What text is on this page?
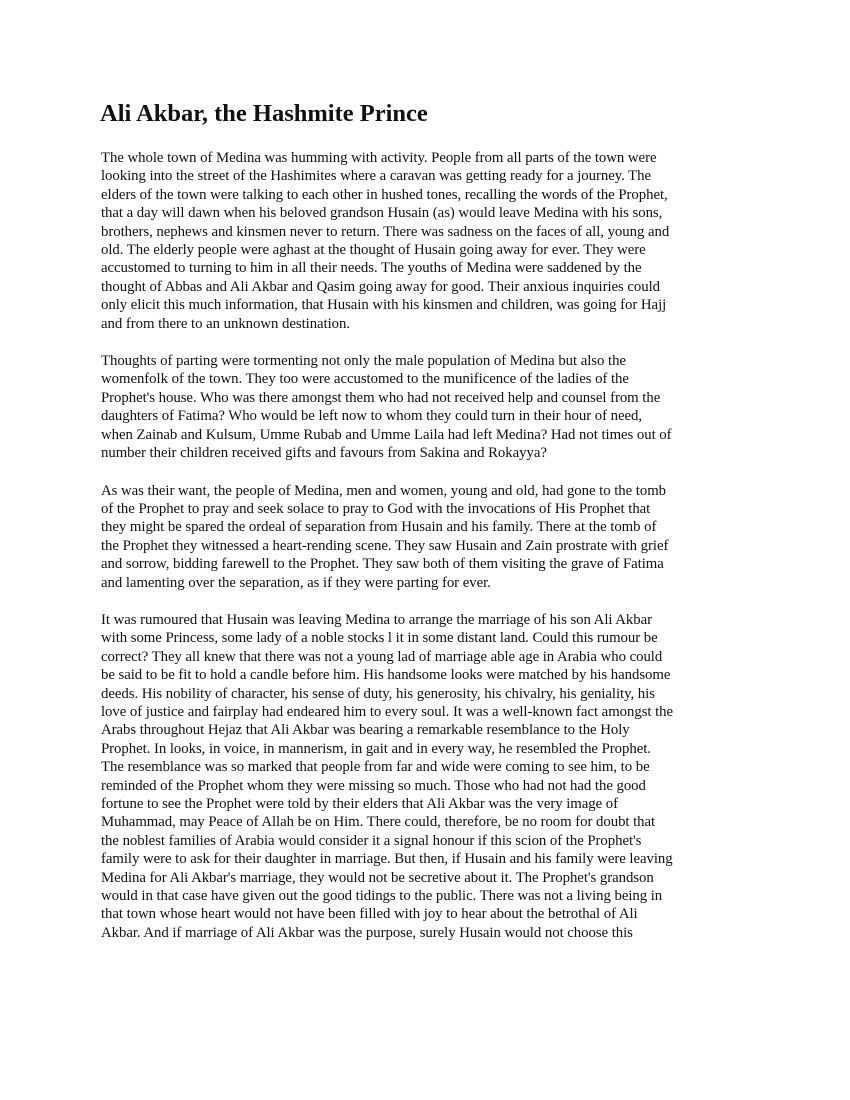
Ali Akbar, the Hashmite Prince
The whole town of Medina was humming with activity. People from all parts of the town were
looking into the street of the Hashimites where a caravan was getting ready for a journey. The
elders of the town were talking to each other in hushed tones, recalling the words of the Prophet,
that a day will dawn when his beloved grandson Husain (as) would leave Medina with his sons,
brothers, nephews and kinsmen never to return. There was sadness on the faces of all, young and
old. The elderly people were aghast at the thought of Husain going away for ever. They were
accustomed to turning to him in all their needs. The youths of Medina were saddened by the
thought of Abbas and Ali Akbar and Qasim going away for good. Their anxious inquiries could
only elicit this much information, that Husain with his kinsmen and children, was going for Hajj
and from there to an unknown destination.
Thoughts of parting were tormenting not only the male population of Medina but also the
womenfolk of the town. They too were accustomed to the munificence of the ladies of the
Prophet's house. Who was there amongst them who had not received help and counsel from the
daughters of Fatima? Who would be left now to whom they could turn in their hour of need,
when Zainab and Kulsum, Umme Rubab and Umme Laila had left Medina? Had not times out of
number their children received gifts and favours from Sakina and Rokayya?
As was their want, the people of Medina, men and women, young and old, had gone to the tomb
of the Prophet to pray and seek solace to pray to God with the invocations of His Prophet that
they might be spared the ordeal of separation from Husain and his family. There at the tomb of
the Prophet they witnessed a heart-rending scene. They saw Husain and Zain prostrate with grief
and sorrow, bidding farewell to the Prophet. They saw both of them visiting the grave of Fatima
and lamenting over the separation, as if they were parting for ever.
It was rumoured that Husain was leaving Medina to arrange the marriage of his son Ali Akbar
with some Princess, some lady of a noble stocks l it in some distant land. Could this rumour be
correct? They all knew that there was not a young lad of marriage able age in Arabia who could
be said to be fit to hold a candle before him. His handsome looks were matched by his handsome
deeds. His nobility of character, his sense of duty, his generosity, his chivalry, his geniality, his
love of justice and fairplay had endeared him to every soul. It was a well-known fact amongst the
Arabs throughout Hejaz that Ali Akbar was bearing a remarkable resemblance to the Holy
Prophet. In looks, in voice, in mannerism, in gait and in every way, he resembled the Prophet.
The resemblance was so marked that people from far and wide were coming to see him, to be
reminded of the Prophet whom they were missing so much. Those who had not had the good
fortune to see the Prophet were told by their elders that Ali Akbar was the very image of
Muhammad, may Peace of Allah be on Him. There could, therefore, be no room for doubt that
the noblest families of Arabia would consider it a signal honour if this scion of the Prophet's
family were to ask for their daughter in marriage. But then, if Husain and his family were leaving
Medina for Ali Akbar's marriage, they would not be secretive about it. The Prophet's grandson
would in that case have given out the good tidings to the public. There was not a living being in
that town whose heart would not have been filled with joy to hear about the betrothal of Ali
Akbar. And if marriage of Ali Akbar was the purpose, surely Husain would not choose this
